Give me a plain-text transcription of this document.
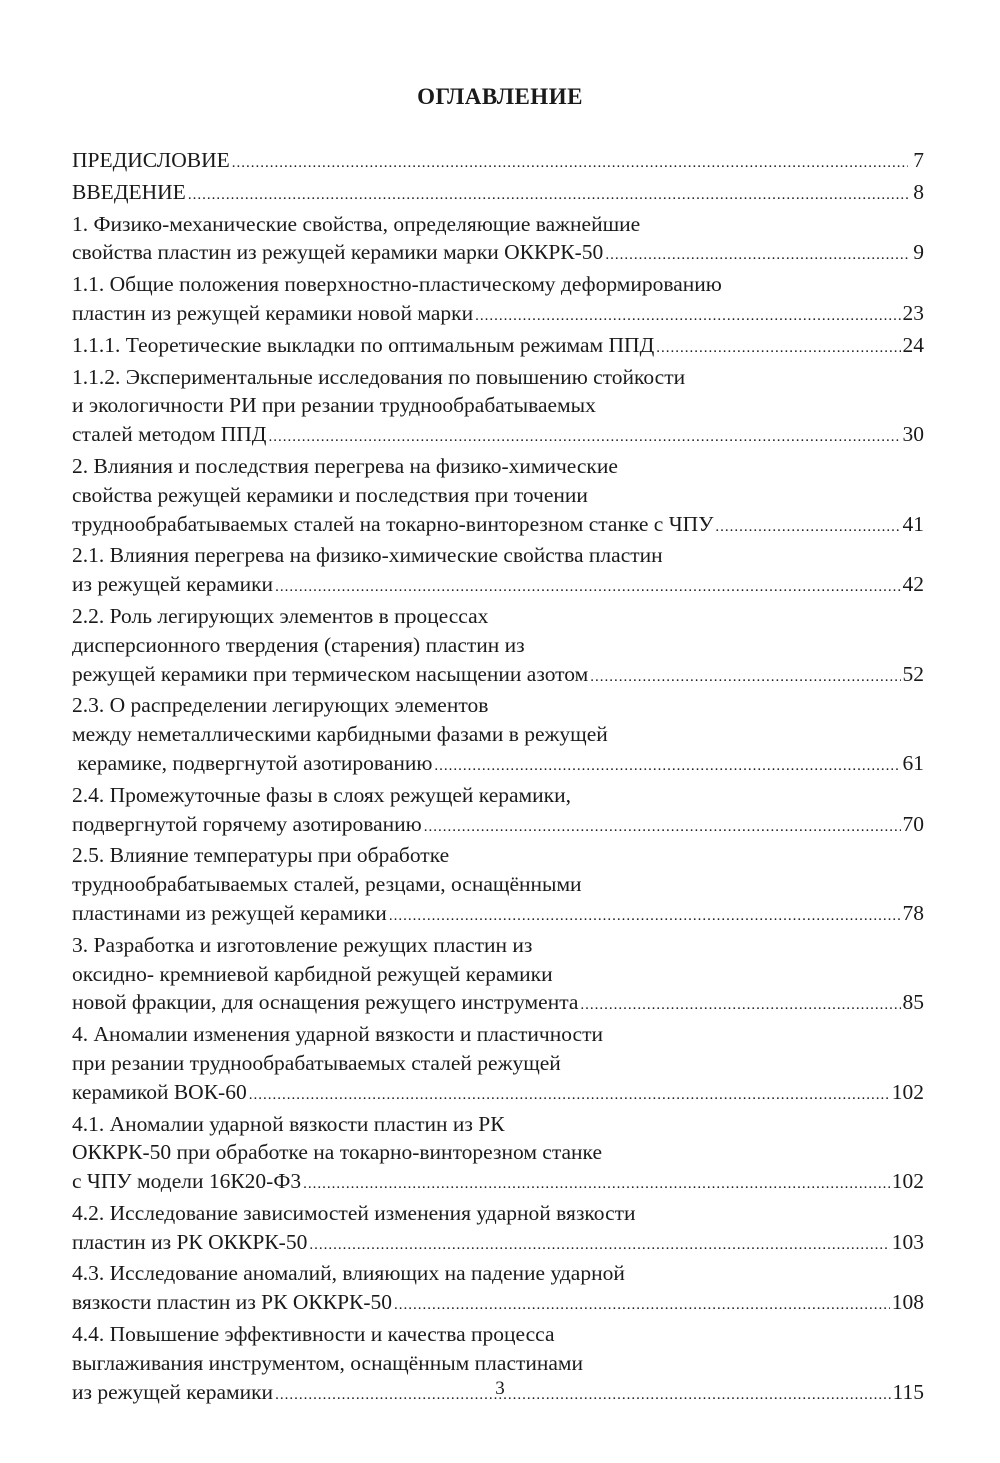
ОГЛАВЛЕНИЕ
ПРЕДИСЛОВИЕ .....	7
ВВЕДЕНИЕ .....	8
1. Физико-механические свойства, определяющие важнейшие
свойства пластин из режущей керамики марки ОККРК-50 .....	9
1.1. Общие положения поверхностно-пластическому деформированию
пластин из режущей керамики новой марки .....	23
1.1.1. Теоретические выкладки по оптимальным режимам ППД .....	24
1.1.2. Экспериментальные исследования по повышению стойкости
и экологичности РИ при резании труднообрабатываемых
сталей методом ППД .....	30
2. Влияния и последствия перегрева на физико-химические
свойства режущей керамики и последствия при точении
труднообрабатываемых сталей на токарно-винторезном станке с ЧПУ .....	41
2.1. Влияния перегрева на физико-химические свойства пластин
из режущей керамики .....	42
2.2. Роль легирующих элементов в процессах
дисперсионного твердения (старения) пластин из
режущей керамики при термическом насыщении азотом .....	52
2.3. О распределении легирующих элементов
между неметаллическими карбидными фазами в режущей
керамике, подвергнутой азотированию .....	61
2.4. Промежуточные фазы в слоях режущей керамики,
подвергнутой горячему азотированию .....	70
2.5. Влияние температуры при обработке
труднообрабатываемых сталей, резцами, оснащёнными
пластинами из режущей керамики .....	78
3. Разработка и изготовление режущих пластин из
оксидно- кремниевой карбидной режущей керамики
новой фракции, для оснащения режущего инструмента .....	85
4. Аномалии изменения ударной вязкости и пластичности
при резании труднообрабатываемых сталей режущей
керамикой ВОК-60 .....	102
4.1. Аномалии ударной вязкости пластин из РК
ОККРК-50 при обработке на токарно-винторезном станке
с ЧПУ модели 16К20-Ф3 .....	102
4.2. Исследование зависимостей изменения ударной вязкости
пластин из РК ОККРК-50 .....	103
4.3. Исследование аномалий, влияющих на падение ударной
вязкости пластин из РК ОККРК-50 .....	108
4.4. Повышение эффективности и качества процесса
выглаживания инструментом, оснащённым пластинами
из режущей керамики .....	115
3
